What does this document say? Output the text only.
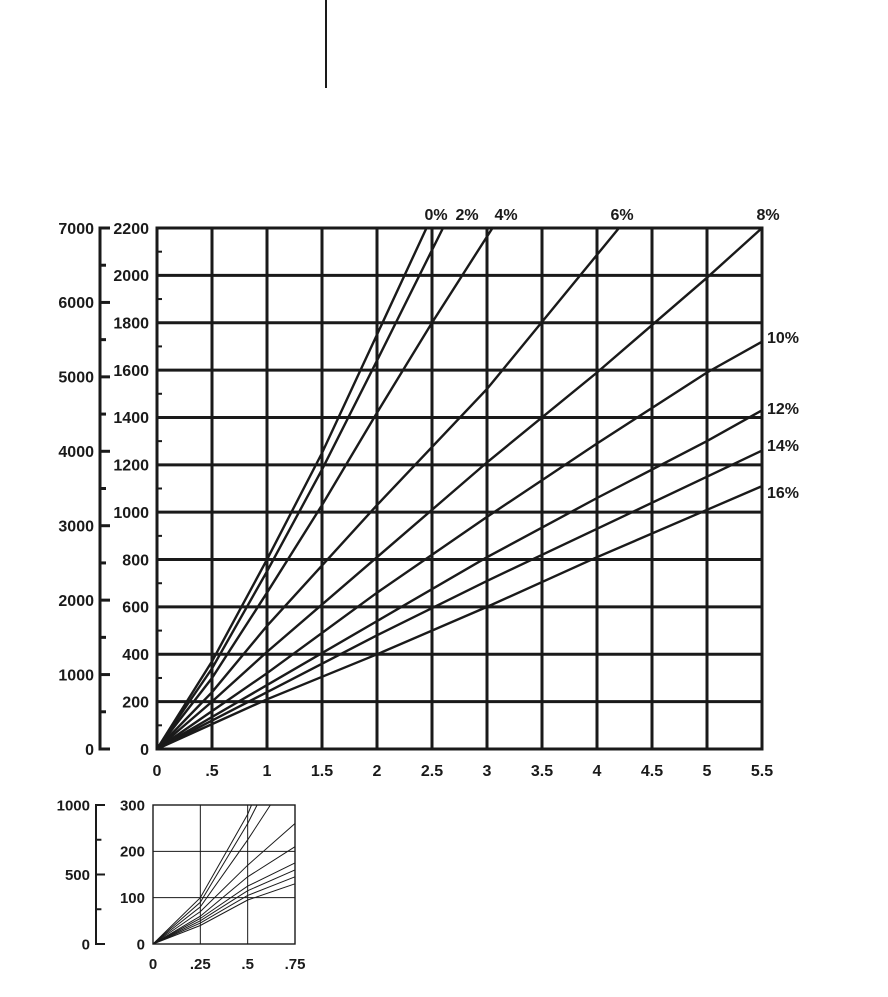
0	.5	1 1.5 2 2.5 3 3.5 4 4.5 5 5.5
0
200
400
600
800
1000
1200
1400
1600
1800
2000
2200
0
1000
2000
3000
4000
5000
6000
7000
0% 2% 4%	6%	8%
10%
12%
14%
16%
0 .25 .5 .75
0
100
200
300
0
500
1000
